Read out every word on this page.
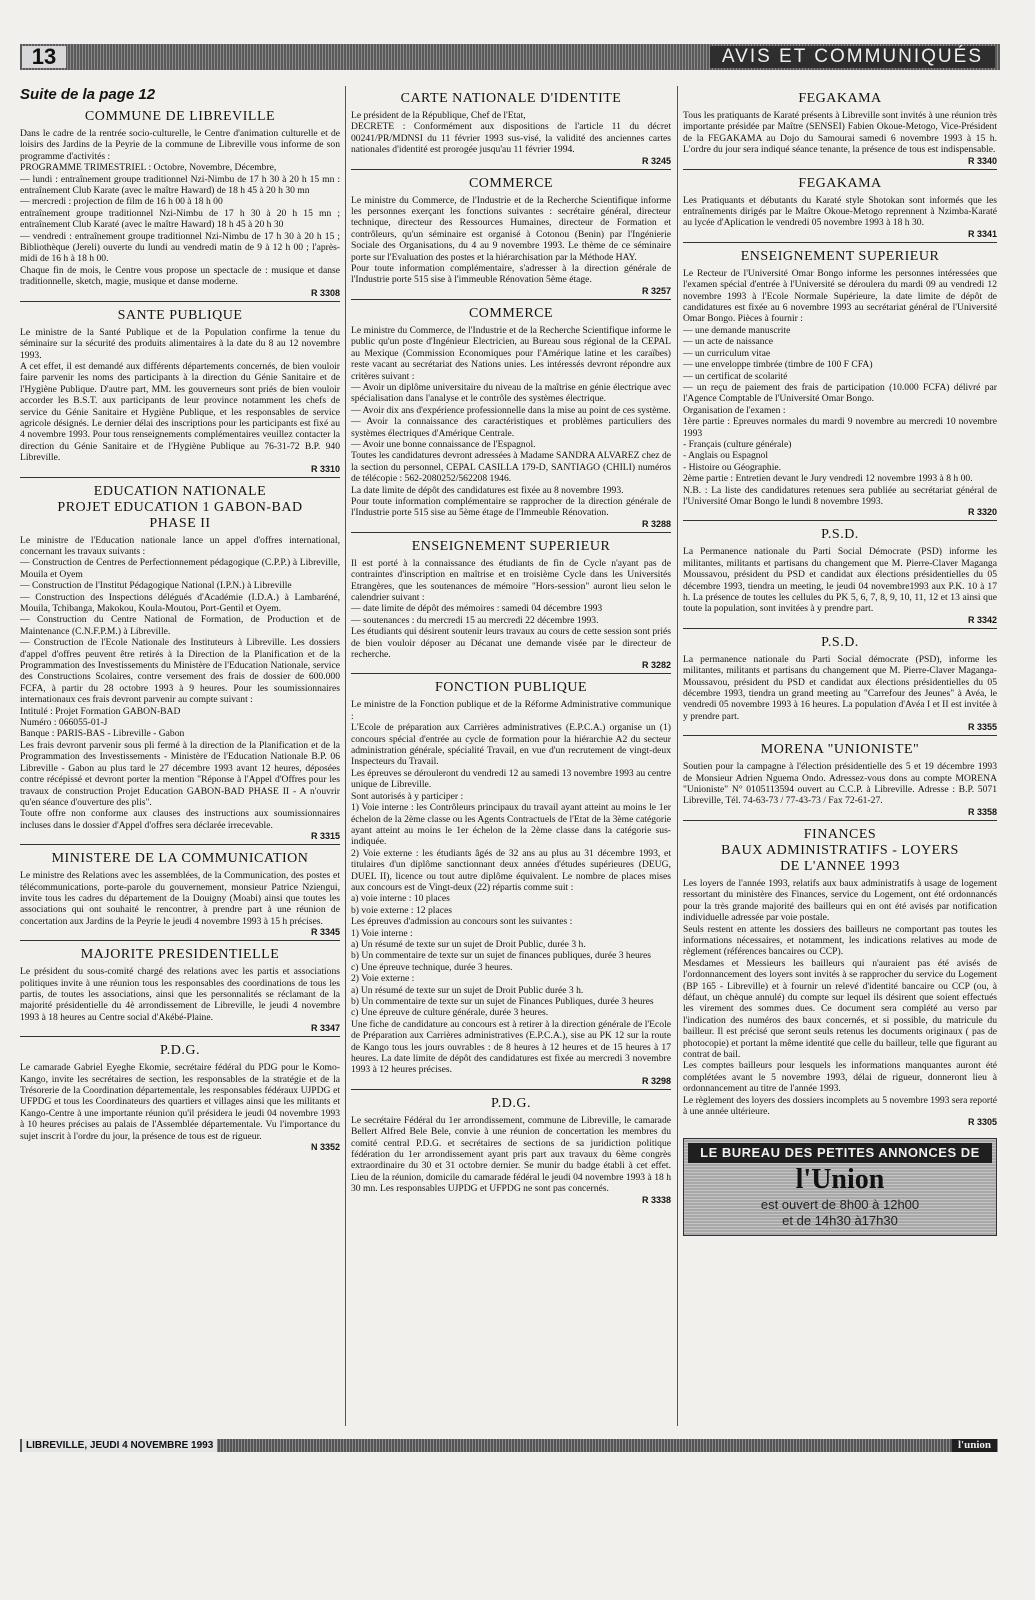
13	AVIS ET COMMUNIQUÉS
Suite de la page 12
COMMUNE DE LIBREVILLE

Dans le cadre de la rentrée socio-culturelle, le Centre d'animation culturelle et de loisirs des Jardins de la Peyrie de la commune de Libreville vous informe de son programme d'activités :

PROGRAMME TRIMESTRIEL : Octobre, Novembre, Décembre,

— lundi : entraînement groupe traditionnel Nzi-Nimbu de 17 h 30 à 20 h 15 mn : entraînement Club Karate (avec le maître Haward) de 18 h 45 à 20 h 30 mn

— mercredi : projection de film de 16 h 00 à 18 h 00

entraînement groupe traditionnel Nzi-Nimbu de 17 h 30 à 20 h 15 mn ; entraînement Club Karaté (avec le maître Haward) 18 h 45 à 20 h 30

— vendredi : entraînement groupe traditionnel Nzi-Nimbu de 17 h 30 à 20 h 15 ; Bibliothèque (Jereli) ouverte du lundi au vendredi matin de 9 à 12 h 00 ; l'après-midi de 16 h à 18 h 00.

Chaque fin de mois, le Centre vous propose un spectacle de : musique et danse traditionnelle, sketch, magie, musique et danse moderne.

R 3308
SANTE PUBLIQUE

Le ministre de la Santé Publique et de la Population confirme la tenue du séminaire sur la sécurité des produits alimentaires à la date du 8 au 12 novembre 1993.

A cet effet, il est demandé aux différents départements concernés, de bien vouloir faire parvenir les noms des participants à la direction du Génie Sanitaire et de l'Hygiène Publique. D'autre part, MM. les gouverneurs sont priés de bien vouloir accorder les B.S.T. aux participants de leur province notamment les chefs de service du Génie Sanitaire et Hygiène Publique, et les responsables de service agricole désignés. Le dernier délai des inscriptions pour les participants est fixé au 4 novembre 1993. Pour tous renseignements complémentaires veuillez contacter la direction du Génie Sanitaire et de l'Hygiène Publique au 76-31-72 B.P. 940 Libreville.

R 3310
EDUCATION NATIONALE
PROJET EDUCATION 1 GABON-BAD
PHASE II

Le ministre de l'Education nationale lance un appel d'offres international, concernant les travaux suivants :

— Construction de Centres de Perfectionnement pédagogique (C.P.P.) à Libreville, Mouila et Oyem

— Construction de l'Institut Pédagogique National (I.P.N.) à Libreville

— Construction des Inspections délégués d'Académie (I.D.A.) à Lambaréné, Mouila, Tchibanga, Makokou, Koula-Moutou, Port-Gentil et Oyem.

— Construction du Centre National de Formation, de Production et de Maintenance (C.N.F.P.M.) à Libreville.

— Construction de l'Ecole Nationale des Instituteurs à Libreville. Les dossiers d'appel d'offres peuvent être retirés à la Direction de la Planification et de la Programmation des Investissements du Ministère de l'Education Nationale, service des Constructions Scolaires, contre versement des frais de dossier de 600.000 FCFA, à partir du 28 octobre 1993 à 9 heures. Pour les soumissionnaires internationaux ces frais devront parvenir au compte suivant :

Intitulé : Projet Formation GABON-BAD

Numéro : 066055-01-J

Banque : PARIS-BAS - Libreville - Gabon

Les frais devront parvenir sous pli fermé à la direction de la Planification et de la Programmation des Investissements - Ministère de l'Education Nationale B.P. 06 Libreville - Gabon au plus tard le 27 décembre 1993 avant 12 heures, déposées contre récépissé et devront porter la mention "Réponse à l'Appel d'Offres pour les travaux de construction Projet Education GABON-BAD PHASE II - A n'ouvrir qu'en séance d'ouverture des plis".

Toute offre non conforme aux clauses des instructions aux soumissionnaires incluses dans le dossier d'Appel d'offres sera déclarée irrecevable.

R 3315
MINISTERE DE LA COMMUNICATION

Le ministre des Relations avec les assemblées, de la Communication, des postes et télécommunications, porte-parole du gouvernement, monsieur Patrice Nziengui, invite tous les cadres du département de la Douigny (Moabi) ainsi que toutes les associations qui ont souhaité le rencontrer, à prendre part à une réunion de concertation aux Jardins de la Peyrie le jeudi 4 novembre 1993 à 15 h précises.

R 3345
MAJORITE PRESIDENTIELLE

Le président du sous-comité chargé des relations avec les partis et associations politiques invite à une réunion tous les responsables des coordinations de tous les partis, de toutes les associations, ainsi que les personnalités se réclamant de la majorité présidentielle du 4è arrondissement de Libreville, le jeudi 4 novembre 1993 à 18 heures au Centre social d'Akébé-Plaine.

R 3347
P.D.G.

Le camarade Gabriel Eyeghe Ekomie, secrétaire fédéral du PDG pour le Komo-Kango, invite les secrétaires de section, les responsables de la stratégie et de la Trésorerie de la Coordination départementale, les responsables fédéraux UJPDG et UFPDG et tous les Coordinateurs des quartiers et villages ainsi que les militants et Kango-Centre à une importante réunion qu'il présidera le jeudi 04 novembre 1993 à 10 heures précises au palais de l'Assemblée départementale. Vu l'importance du sujet inscrit à l'ordre du jour, la présence de tous est de rigueur.

N 3352
CARTE NATIONALE D'IDENTITE

Le président de la République, Chef de l'Etat,

DECRETE : Conformément aux dispositions de l'article 11 du décret 00241/PR/MDNSI du 11 février 1993 sus-visé, la validité des anciennes cartes nationales d'identité est prorogée jusqu'au 11 février 1994.

R 3245
COMMERCE

Le ministre du Commerce, de l'Industrie et de la Recherche Scientifique informe les personnes exerçant les fonctions suivantes : secrétaire général, directeur technique, directeur des Ressources Humaines, directeur de Formation et contrôleurs, qu'un séminaire est organisé à Cotonou (Benin) par l'Ingénierie Sociale des Organisations, du 4 au 9 novembre 1993. Le thème de ce séminaire porte sur l'Evaluation des postes et la hiérarchisation par la Méthode HAY.

Pour toute information complémentaire, s'adresser à la direction générale de l'Industrie porte 515 sise à l'immeuble Rénovation 5ème étage.

R 3257
COMMERCE

Le ministre du Commerce, de l'Industrie et de la Recherche Scientifique informe le public qu'un poste d'Ingénieur Electricien, au Bureau sous régional de la CEPAL au Mexique (Commission Economiques pour l'Amérique latine et les caraïbes) reste vacant au secrétariat des Nations unies. Les intéressés devront répondre aux critères suivant :

— Avoir un diplôme universitaire du niveau de la maîtrise en génie électrique avec spécialisation dans l'analyse et le contrôle des systèmes électrique.

— Avoir dix ans d'expérience professionnelle dans la mise au point de ces système.

— Avoir la connaissance des caractéristiques et problèmes particuliers des systèmes électriques d'Amérique Centrale.

— Avoir une bonne connaissance de l'Espagnol.

Toutes les candidatures devront adressées à Madame SANDRA ALVAREZ chez de la section du personnel, CEPAL CASILLA 179-D, SANTIAGO (CHILI) numéros de télécopie : 562-2080252/562208 1946.

La date limite de dépôt des candidatures est fixée au 8 novembre 1993.

Pour toute information complémentaire se rapprocher de la direction générale de l'Industrie porte 515 sise au 5ème étage de l'Immeuble Rénovation.

R 3288
ENSEIGNEMENT SUPERIEUR

Il est porté à la connaissance des étudiants de fin de Cycle n'ayant pas de contraintes d'inscription en maîtrise et en troisième Cycle dans les Universités Etrangères, que les soutenances de mémoire "Hors-session" auront lieu selon le calendrier suivant :

— date limite de dépôt des mémoires : samedi 04 décembre 1993

— soutenances : du mercredi 15 au mercredi 22 décembre 1993.

Les étudiants qui désirent soutenir leurs travaux au cours de cette session sont priés de bien vouloir déposer au Décanat une demande visée par le directeur de recherche.

R 3282
FONCTION PUBLIQUE

Le ministre de la Fonction publique et de la Réforme Administrative communique :

L'Ecole de préparation aux Carrières administratives (E.P.C.A.) organise un (1) concours spécial d'entrée au cycle de formation pour la hiérarchie A2 du secteur administration générale, spécialité Travail, en vue d'un recrutement de vingt-deux Inspecteurs du Travail.

Les épreuves se dérouleront du vendredi 12 au samedi 13 novembre 1993 au centre unique de Libreville.

Sont autorisés à y participer :

1) Voie interne : les Contrôleurs principaux du travail ayant atteint au moins le 1er échelon de la 2ème classe ou les Agents Contractuels de l'Etat de la 3ème catégorie ayant atteint au moins le 1er échelon de la 2ème classe dans la catégorie sus-indiquée.

2) Voie externe : les étudiants âgés de 32 ans au plus au 31 décembre 1993, et titulaires d'un diplôme sanctionnant deux années d'études supérieures (DEUG, DUEL II), licence ou tout autre diplôme équivalent. Le nombre de places mises aux concours est de Vingt-deux (22) répartis comme suit :

a) voie interne : 10 places

b) voie externe : 12 places

Les épreuves d'admission au concours sont les suivantes :

1) Voie interne :

a) Un résumé de texte sur un sujet de Droit Public, durée 3 h.

b) Un commentaire de texte sur un sujet de finances publiques, durée 3 heures

c) Une épreuve technique, durée 3 heures.

2) Voie externe :

a) Un résumé de texte sur un sujet de Droit Public durée 3 h.

b) Un commentaire de texte sur un sujet de Finances Publiques, durée 3 heures

c) Une épreuve de culture générale, durée 3 heures.

Une fiche de candidature au concours est à retirer à la direction générale de l'Ecole de Préparation aux Carrières administratives (E.P.C.A.), sise au PK 12 sur la route de Kango tous les jours ouvrables : de 8 heures à 12 heures et de 15 heures à 17 heures. La date limite de dépôt des candidatures est fixée au mercredi 3 novembre 1993 à 12 heures précises.

R 3298
P.D.G.

Le secrétaire Fédéral du 1er arrondissement, commune de Libreville, le camarade Bellert Alfred Bele Bele, convie à une réunion de concertation les membres du comité central P.D.G. et secrétaires de sections de sa juridiction politique fédération du 1er arrondissement ayant pris part aux travaux du 6ème congrès extraordinaire du 30 et 31 octobre dernier. Se munir du badge établi à cet effet. Lieu de la réunion, domicile du camarade fédéral le jeudi 04 novembre 1993 à 18 h 30 mn. Les responsables UJPDG et UFPDG ne sont pas concernés.

R 3338
FEGAKAMA

Tous les pratiquants de Karaté présents à Libreville sont invités à une réunion très importante présidée par Maître (SENSEI) Fabien Okoue-Metogo, Vice-Président de la FEGAKAMA au Dojo du Samourai samedi 6 novembre 1993 à 15 h. L'ordre du jour sera indiqué séance tenante, la présence de tous est indispensable.

R 3340
FEGAKAMA

Les Pratiquants et débutants du Karaté style Shotokan sont informés que les entraînements dirigés par le Maître Okoue-Metogo reprennent à Nzimba-Karaté au lycée d'Aplication le vendredi 05 novembre 1993 à 18 h 30.

R 3341
ENSEIGNEMENT SUPERIEUR

Le Recteur de l'Université Omar Bongo informe les personnes intéressées que l'examen spécial d'entrée à l'Université se déroulera du mardi 09 au vendredi 12 novembre 1993 à l'Ecole Normale Supérieure, la date limite de dépôt de candidatures est fixée au 6 novembre 1993 au secrétariat général de l'Université Omar Bongo. Pièces à fournir :

— une demande manuscrite

— un acte de naissance

— un curriculum vitae

— une enveloppe timbrée (timbre de 100 F CFA)

— un certificat de scolarité

— un reçu de paiement des frais de participation (10.000 FCFA) délivré par l'Agence Comptable de l'Université Omar Bongo.

Organisation de l'examen :

1ère partie : Epreuves normales du mardi 9 novembre au mercredi 10 novembre 1993

- Français (culture générale)

- Anglais ou Espagnol

- Histoire ou Géographie.

2ème partie : Entretien devant le Jury vendredi 12 novembre 1993 à 8 h 00.

N.B. : La liste des candidatures retenues sera publiée au secrétariat général de l'Université Omar Bongo le lundi 8 novembre 1993.

R 3320
P.S.D.

La Permanence nationale du Parti Social Démocrate (PSD) informe les militantes, militants et partisans du changement que M. Pierre-Claver Maganga Moussavou, président du PSD et candidat aux élections présidentielles du 05 décembre 1993, tiendra un meeting, le jeudi 04 novembre1993 aux P.K. 10 à 17 h. La présence de toutes les cellules du PK 5, 6, 7, 8, 9, 10, 11, 12 et 13 ainsi que toute la population, sont invitées à y prendre part.

R 3342
P.S.D.

La permanence nationale du Parti Social démocrate (PSD), informe les militantes, militants et partisans du changement que M. Pierre-Claver Maganga-Moussavou, président du PSD et candidat aux élections présidentielles du 05 décembre 1993, tiendra un grand meeting au "Carrefour des Jeunes" à Avéa, le vendredi 05 novembre 1993 à 16 heures. La population d'Avéa I et II est invitée à y prendre part.

R 3355
MORENA "UNIONISTE"

Soutien pour la campagne à l'élection présidentielle des 5 et 19 décembre 1993 de Monsieur Adrien Nguema Ondo. Adressez-vous dons au compte MORENA "Unioniste" N° 0105113594 ouvert au C.C.P. à Libreville. Adresse : B.P. 5071 Libreville, Tél. 74-63-73 / 77-43-73 / Fax 72-61-27.

R 3358
FINANCES
BAUX ADMINISTRATIFS - LOYERS
DE L'ANNEE 1993

Les loyers de l'année 1993, relatifs aux baux administratifs à usage de logement ressortant du ministère des Finances, service du Logement, ont été ordonnancés pour la très grande majorité des bailleurs qui en ont été avisés par notification individuelle adressée par voie postale.

Seuls restent en attente les dossiers des bailleurs ne comportant pas toutes les informations nécessaires, et notamment, les indications relatives au mode de règlement (références bancaires ou CCP).

Mesdames et Messieurs les bailleurs qui n'auraient pas été avisés de l'ordonnancement des loyers sont invités à se rapprocher du service du Logement (BP 165 - Libreville) et à fournir un relevé d'identité bancaire ou CCP (ou, à défaut, un chèque annulé) du compte sur lequel ils désirent que soient effectués les virement des sommes dues. Ce document sera complété au verso par l'indication des numéros des baux concernés, et si possible, du matricule du bailleur. Il est précisé que seront seuls retenus les documents originaux ( pas de photocopie) et portant la même identité que celle du bailleur, telle que figurant au contrat de bail.

Les comptes bailleurs pour lesquels les informations manquantes auront été complétées avant le 5 novembre 1993, délai de rigueur, donneront lieu à ordonnancement au titre de l'année 1993.

Le règlement des loyers des dossiers incomplets au 5 novembre 1993 sera reporté à une année ultérieure.

R 3305
LE BUREAU DES PETITES ANNONCES DE
l'Union
est ouvert de 8h00 à 12h00
et de 14h30 à17h30
LIBREVILLE, JEUDI 4 NOVEMBRE 1993	l'union
